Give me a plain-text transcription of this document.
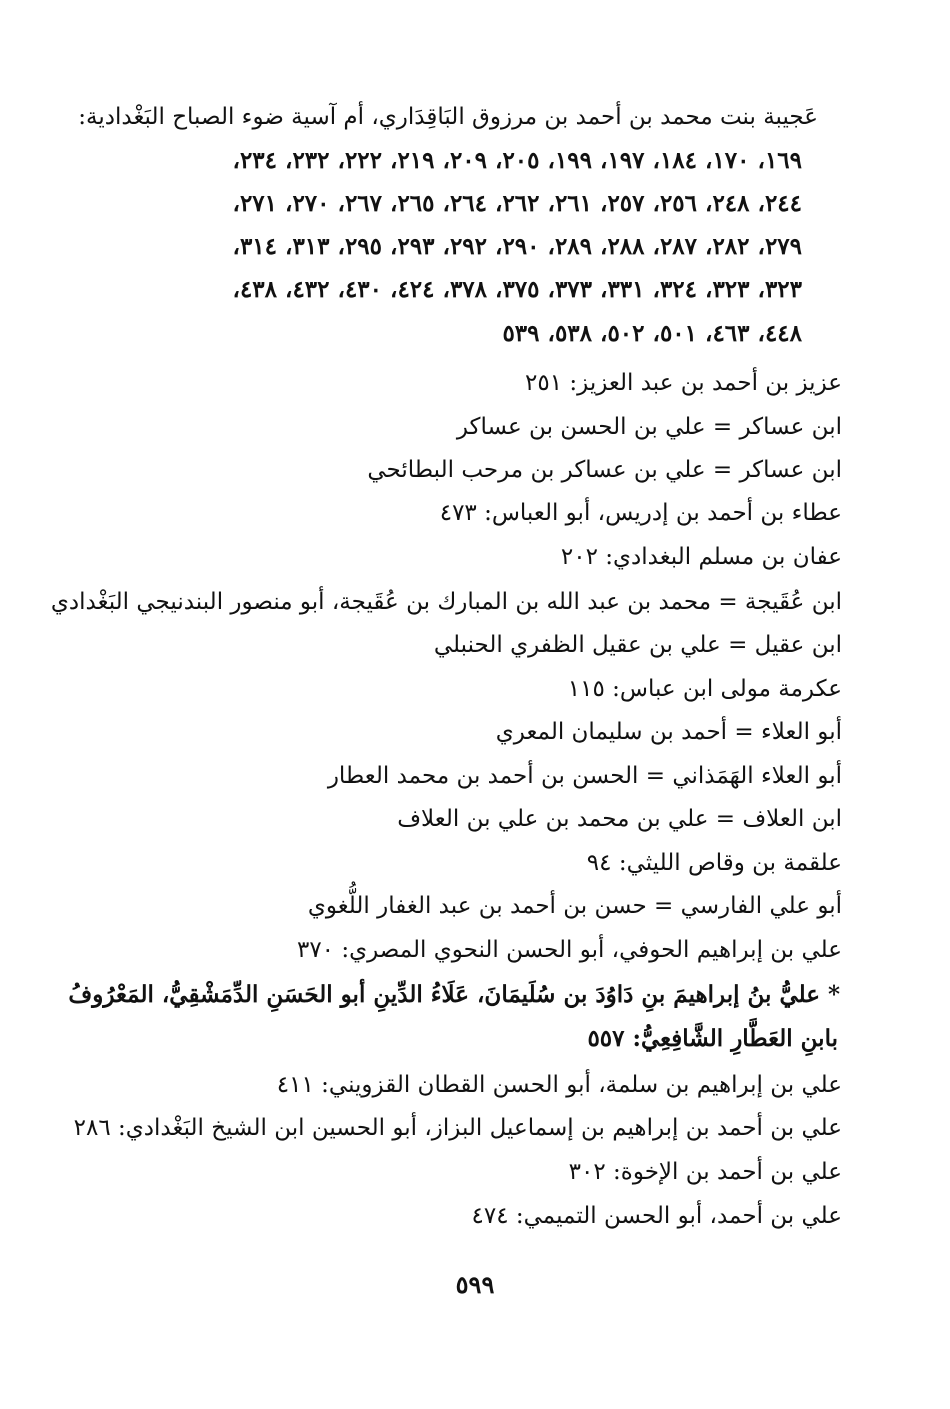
عَجيبة بنت محمد بن أحمد بن مرزوق البَاقِدَاري، أم آسية ضوء الصباح البَغْدادية:
١٦٩، ١٧٠، ١٨٤، ١٩٧، ١٩٩، ٢٠٥، ٢٠٩، ٢١٩، ٢٢٢، ٢٣٢، ٢٣٤،
٢٤٤، ٢٤٨، ٢٥٦، ٢٥٧، ٢٦١، ٢٦٢، ٢٦٤، ٢٦٥، ٢٦٧، ٢٧٠، ٢٧١،
٢٧٩، ٢٨٢، ٢٨٧، ٢٨٨، ٢٨٩، ٢٩٠، ٢٩٢، ٢٩٣، ٢٩٥، ٣١٣، ٣١٤،
٣٢٣، ٣٢٣، ٣٢٤، ٣٣١، ٣٧٣، ٣٧٥، ٣٧٨، ٤٢٤، ٤٣٠، ٤٣٢، ٤٣٨،
٤٤٨، ٤٦٣، ٥٠١، ٥٠٢، ٥٣٨، ٥٣٩
عزيز بن أحمد بن عبد العزيز: ٢٥١
ابن عساكر = علي بن الحسن بن عساكر
ابن عساكر = علي بن عساكر بن مرحب البطائحي
عطاء بن أحمد بن إدريس، أبو العباس: ٤٧٣
عفان بن مسلم البغدادي: ٢٠٢
ابن عُقَيجة = محمد بن عبد الله بن المبارك بن عُقَيجة، أبو منصور البندنيجي البَغْدادي
ابن عقيل = علي بن عقيل الظفري الحنبلي
عكرمة مولى ابن عباس: ١١٥
أبو العلاء = أحمد بن سليمان المعري
أبو العلاء الهَمَذاني = الحسن بن أحمد بن محمد العطار
ابن العلاف = علي بن محمد بن علي بن العلاف
علقمة بن وقاص الليثي: ٩٤
أبو علي الفارسي = حسن بن أحمد بن عبد الغفار اللُّغوي
علي بن إبراهيم الحوفي، أبو الحسن النحوي المصري: ٣٧٠
* عليُّ بنُ إبراهيمَ بنِ دَاوُدَ بن سُلَيمَانَ، عَلَاءُ الدِّينِ أبو الحَسَنِ الدِّمَشْقِيُّ، المَعْرُوفُ
بابنِ العَطَّارِ الشَّافِعِيُّ: ٥٥٧
علي بن إبراهيم بن سلمة، أبو الحسن القطان القزويني: ٤١١
علي بن أحمد بن إبراهيم بن إسماعيل البزاز، أبو الحسين ابن الشيخ البَغْدادي: ٢٨٦
علي بن أحمد بن الإخوة: ٣٠٢
علي بن أحمد، أبو الحسن التميمي: ٤٧٤
٥٩٩
